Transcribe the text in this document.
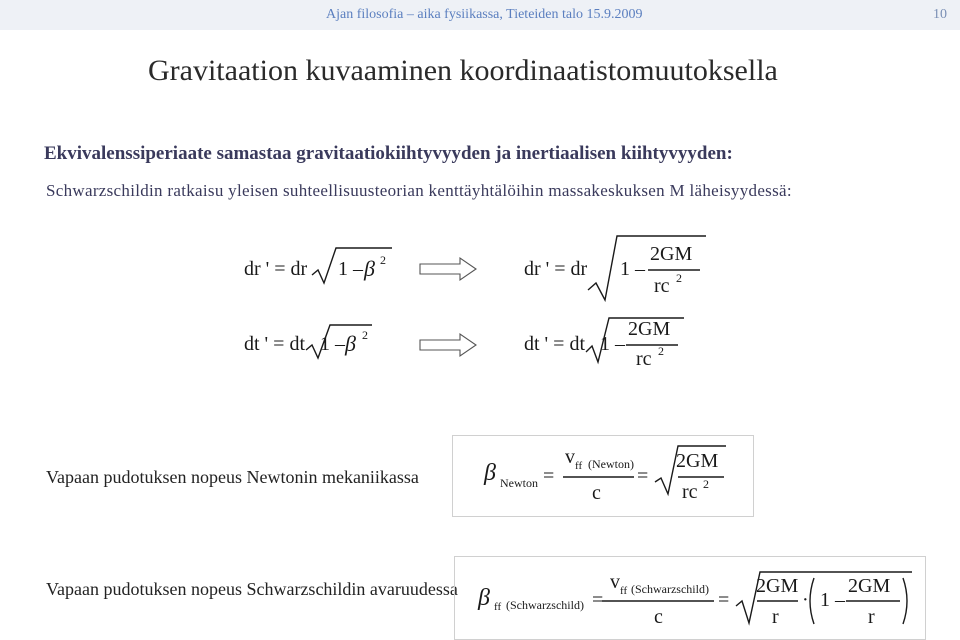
Ajan filosofia – aika fysiikassa, Tieteiden talo 15.9.2009	10
Gravitaation kuvaaminen koordinaatistomuutoksella
Ekvivalenssiperiaate samastaa gravitaatiokiihtyvyyden ja inertiaalisen kiihtyvyyden:
Schwarzschildin ratkaisu yleisen suhteellisuusteorian kenttäyhtälöihin massakeskuksen M läheisyydessä:
dr ' = dr 1 – β 2	dr ' = dr 1 –
2GM
rc 2
dt ' = dt 1 – β 2	dt ' = dt 1 –
2GM
rc 2
Vapaan pudotuksen nopeus Newtonin mekaniikassa	β Newton =
v ff (Newton)
c
=
2GM
rc 2
Vapaan pudotuksen nopeus Schwarzschildin avaruudessa β ff (Schwarzschild) =
v ff (Schwarzschild)
c
=
2GM
r
· 1 –
2GM
r
